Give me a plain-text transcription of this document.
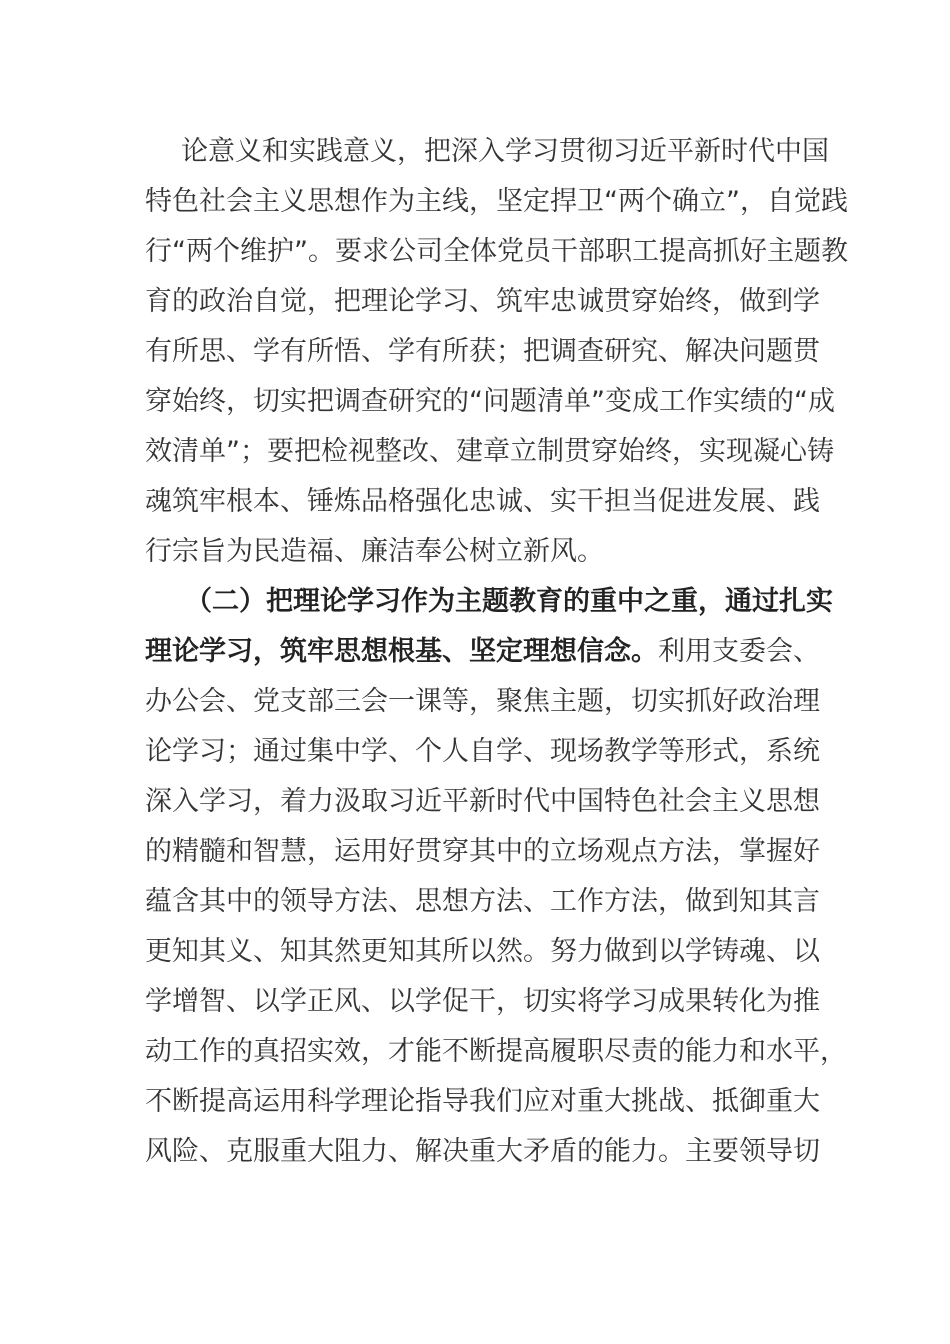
论意义和实践意义，把深入学习贯彻习近平新时代中国
特色社会主义思想作为主线，坚定捍卫“两个确立”，自觉践
行“两个维护”。要求公司全体党员干部职工提高抓好主题教
育的政治自觉，把理论学习、筑牢忠诚贯穿始终，做到学
有所思、学有所悟、学有所获；把调查研究、解决问题贯
穿始终，切实把调查研究的“问题清单”变成工作实绩的“成
效清单”；要把检视整改、建章立制贯穿始终，实现凝心铸
魂筑牢根本、锤炼品格强化忠诚、实干担当促进发展、践
行宗旨为民造福、廉洁奉公树立新风。
（二）把理论学习作为主题教育的重中之重，通过扎实
理论学习，筑牢思想根基、坚定理想信念。利用支委会、
办公会、党支部三会一课等，聚焦主题，切实抓好政治理
论学习；通过集中学、个人自学、现场教学等形式，系统
深入学习，着力汲取习近平新时代中国特色社会主义思想
的精髓和智慧，运用好贯穿其中的立场观点方法，掌握好
蕴含其中的领导方法、思想方法、工作方法，做到知其言
更知其义、知其然更知其所以然。努力做到以学铸魂、以
学增智、以学正风、以学促干，切实将学习成果转化为推
动工作的真招实效，才能不断提高履职尽责的能力和水平，
不断提高运用科学理论指导我们应对重大挑战、抵御重大
风险、克服重大阻力、解决重大矛盾的能力。主要领导切
